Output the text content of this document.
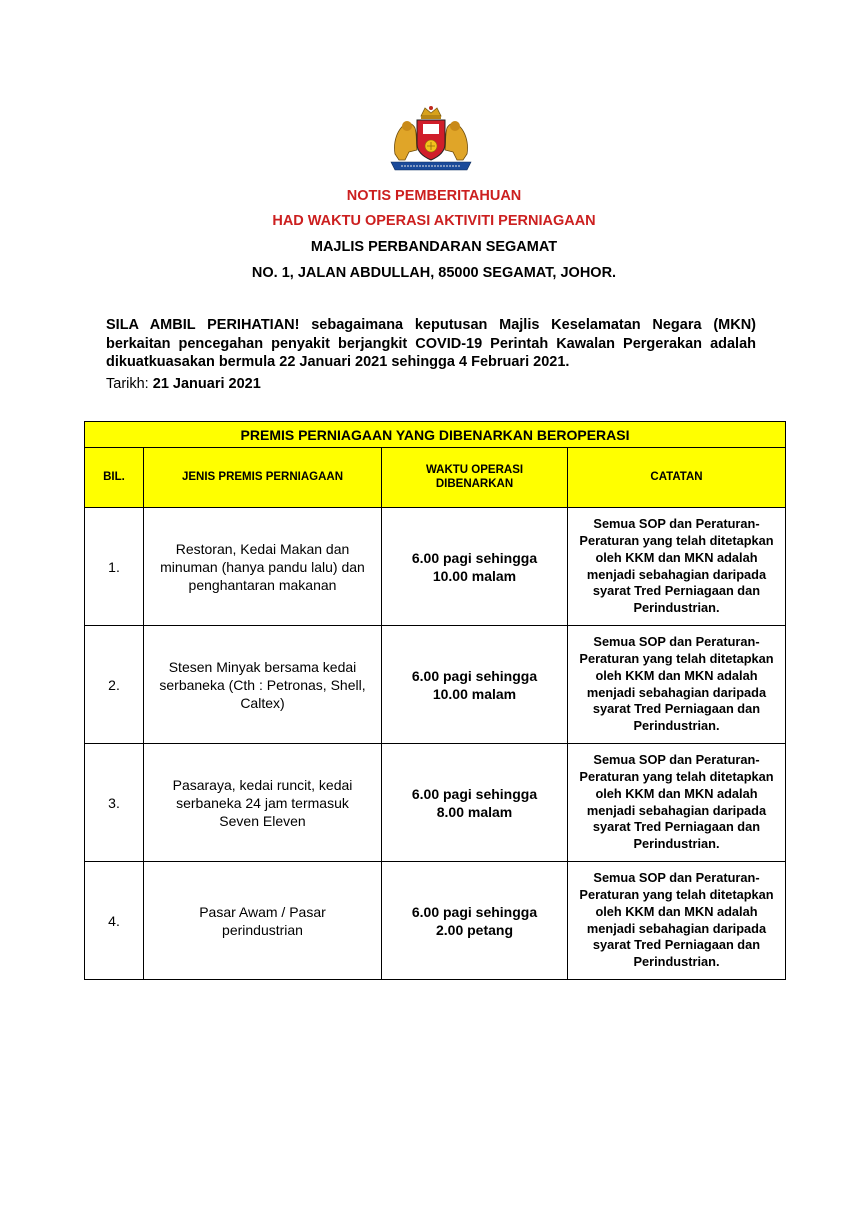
NOTIS PEMBERITAHUAN
HAD WAKTU OPERASI AKTIVITI PERNIAGAAN
MAJLIS PERBANDARAN SEGAMAT
NO. 1, JALAN ABDULLAH, 85000 SEGAMAT, JOHOR.
SILA AMBIL PERIHATIAN! sebagaimana keputusan Majlis Keselamatan Negara (MKN) berkaitan pencegahan penyakit berjangkit COVID-19 Perintah Kawalan Pergerakan adalah dikuatkuasakan bermula 22 Januari 2021 sehingga 4 Februari 2021.
Tarikh: 21 Januari 2021
PREMIS PERNIAGAAN YANG DIBENARKAN BEROPERASI			
BIL.	JENIS PREMIS PERNIAGAAN	WAKTU OPERASI DIBENARKAN	CATATAN
1.	Restoran, Kedai Makan dan minuman (hanya pandu lalu) dan penghantaran makanan	6.00 pagi sehingga 10.00 malam	Semua SOP dan Peraturan-Peraturan yang telah ditetapkan oleh KKM dan MKN adalah menjadi sebahagian daripada syarat Tred Perniagaan dan Perindustrian.

2.	Stesen Minyak bersama kedai serbaneka (Cth : Petronas, Shell, Caltex)	6.00 pagi sehingga 10.00 malam	Semua SOP dan Peraturan-Peraturan yang telah ditetapkan oleh KKM dan MKN adalah menjadi sebahagian daripada syarat Tred Perniagaan dan Perindustrian.

3.	Pasaraya, kedai runcit, kedai serbaneka 24 jam termasuk Seven Eleven	6.00 pagi sehingga 8.00 malam	Semua SOP dan Peraturan-Peraturan yang telah ditetapkan oleh KKM dan MKN adalah menjadi sebahagian daripada syarat Tred Perniagaan dan Perindustrian.

4.	Pasar Awam / Pasar perindustrian	6.00 pagi sehingga 2.00 petang	Semua SOP dan Peraturan-Peraturan yang telah ditetapkan oleh KKM dan MKN adalah menjadi sebahagian daripada syarat Tred Perniagaan dan Perindustrian.
